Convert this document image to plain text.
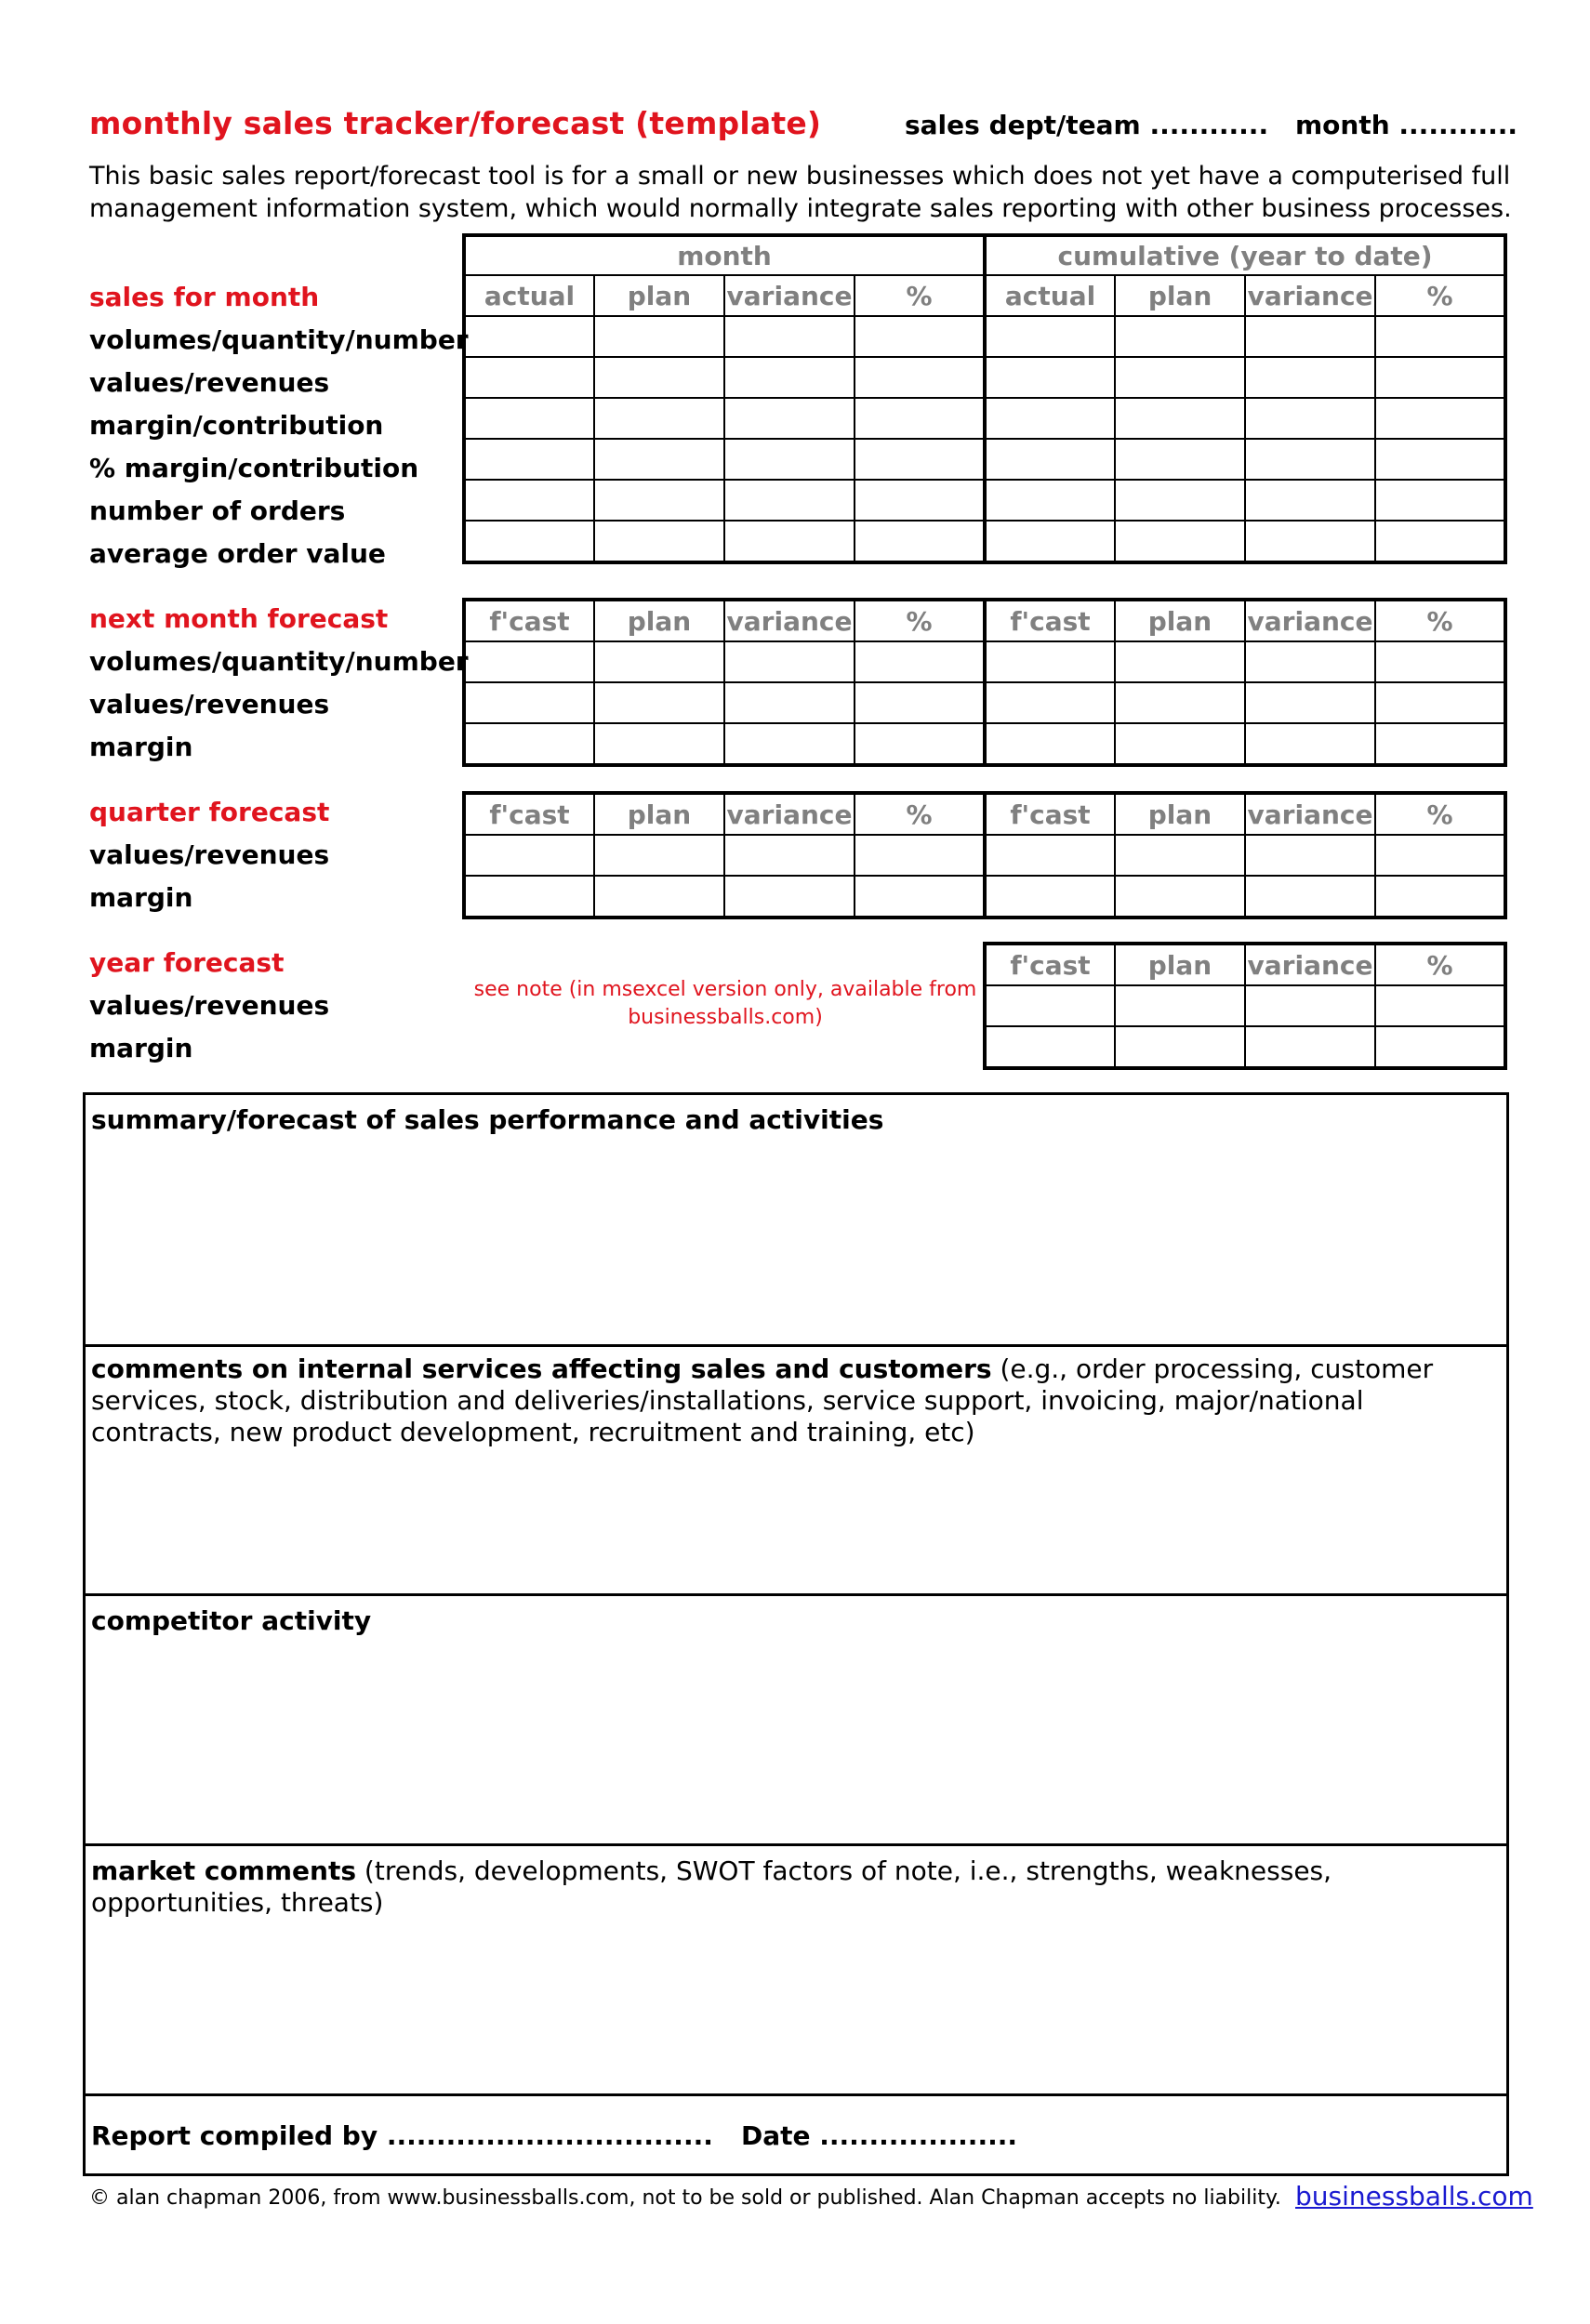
monthly sales tracker/forecast (template)	sales dept/team ............ month ............
This basic sales report/forecast tool is for a small or new businesses which does not yet have a computerised full management information system, which would normally integrate sales reporting with other business processes.
sales for month
volumes/quantity/number
values/revenues
margin/contribution
% margin/contribution
number of orders
average order value
month				cumulative (year to date)			
actual	plan	variance	%	actual	plan	variance	%

next month forecast
volumes/quantity/number
values/revenues
margin
f'cast	plan	variance	%	f'cast	plan	variance	%

quarter forecast
values/revenues
margin
f'cast	plan	variance	%	f'cast	plan	variance	%

year forecast
values/revenues
margin
see note (in msexcel version only, available from businessballs.com)
f'cast	plan	variance	%

summary/forecast of sales performance and activities
comments on internal services affecting sales and customers (e.g., order processing, customer services, stock, distribution and deliveries/installations, service support, invoicing, major/national contracts, new product development, recruitment and training, etc)
competitor activity
market comments (trends, developments, SWOT factors of note, i.e., strengths, weaknesses, opportunities, threats)
Report compiled by ................................. Date ....................
© alan chapman 2006, from www.businessballs.com, not to be sold or published. Alan Chapman accepts no liability. businessballs.com
